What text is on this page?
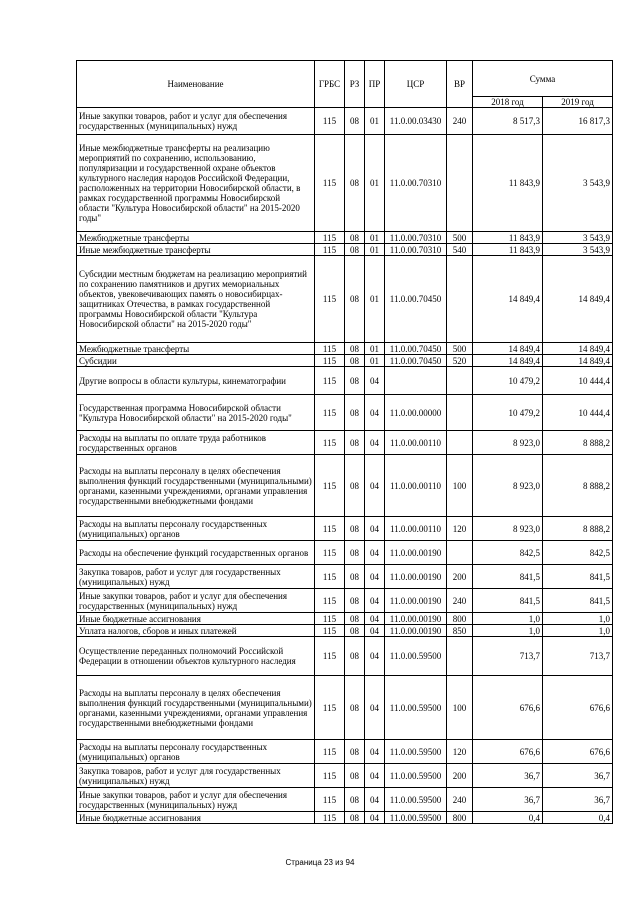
Наименование	ГРБС	РЗ	ПР	ЦСР	ВР	Сумма	
						2018 год	2019 год
Иные закупки товаров, работ и услуг для обеспечения государственных (муниципальных) нужд	115	08	01	11.0.00.03430	240	8 517,3	16 817,3
Иные межбюджетные трансферты на реализацию мероприятий по сохранению, использованию, популяризации и государственной охране объектов культурного наследия народов Российской Федерации, расположенных на территории Новосибирской области, в рамках государственной программы Новосибирской области "Культура Новосибирской области" на 2015-2020 годы"	115	08	01	11.0.00.70310		11 843,9	3 543,9
Межбюджетные трансферты	115	08	01	11.0.00.70310	500	11 843,9	3 543,9
Иные межбюджетные трансферты	115	08	01	11.0.00.70310	540	11 843,9	3 543,9
Субсидии местным бюджетам на реализацию мероприятий по сохранению памятников и других мемориальных объектов, увековечивающих память о новосибирцах-защитниках Отечества, в рамках государственной программы Новосибирской области "Культура Новосибирской области" на 2015-2020 годы"	115	08	01	11.0.00.70450		14 849,4	14 849,4
Межбюджетные трансферты	115	08	01	11.0.00.70450	500	14 849,4	14 849,4
Субсидии	115	08	01	11.0.00.70450	520	14 849,4	14 849,4
Другие вопросы в области культуры, кинематографии	115	08	04			10 479,2	10 444,4
Государственная программа Новосибирской области "Культура Новосибирской области" на 2015-2020 годы"	115	08	04	11.0.00.00000		10 479,2	10 444,4
Расходы на выплаты по оплате труда работников государственных органов	115	08	04	11.0.00.00110		8 923,0	8 888,2
Расходы на выплаты персоналу в целях обеспечения выполнения функций государственными (муниципальными) органами, казенными учреждениями, органами управления государственными внебюджетными фондами	115	08	04	11.0.00.00110	100	8 923,0	8 888,2
Расходы на выплаты персоналу государственных (муниципальных) органов	115	08	04	11.0.00.00110	120	8 923,0	8 888,2
Расходы на обеспечение функций государственных органов	115	08	04	11.0.00.00190		842,5	842,5
Закупка товаров, работ и услуг для государственных (муниципальных) нужд	115	08	04	11.0.00.00190	200	841,5	841,5
Иные закупки товаров, работ и услуг для обеспечения государственных (муниципальных) нужд	115	08	04	11.0.00.00190	240	841,5	841,5
Иные бюджетные ассигнования	115	08	04	11.0.00.00190	800	1,0	1,0
Уплата налогов, сборов и иных платежей	115	08	04	11.0.00.00190	850	1,0	1,0
Осуществление переданных полномочий Российской Федерации в отношении объектов культурного наследия	115	08	04	11.0.00.59500		713,7	713,7
Расходы на выплаты персоналу в целях обеспечения выполнения функций государственными (муниципальными) органами, казенными учреждениями, органами управления государственными внебюджетными фондами	115	08	04	11.0.00.59500	100	676,6	676,6
Расходы на выплаты персоналу государственных (муниципальных) органов	115	08	04	11.0.00.59500	120	676,6	676,6
Закупка товаров, работ и услуг для государственных (муниципальных) нужд	115	08	04	11.0.00.59500	200	36,7	36,7
Иные закупки товаров, работ и услуг для обеспечения государственных (муниципальных) нужд	115	08	04	11.0.00.59500	240	36,7	36,7
Иные бюджетные ассигнования	115	08	04	11.0.00.59500	800	0,4	0,4
Страница 23 из 94
